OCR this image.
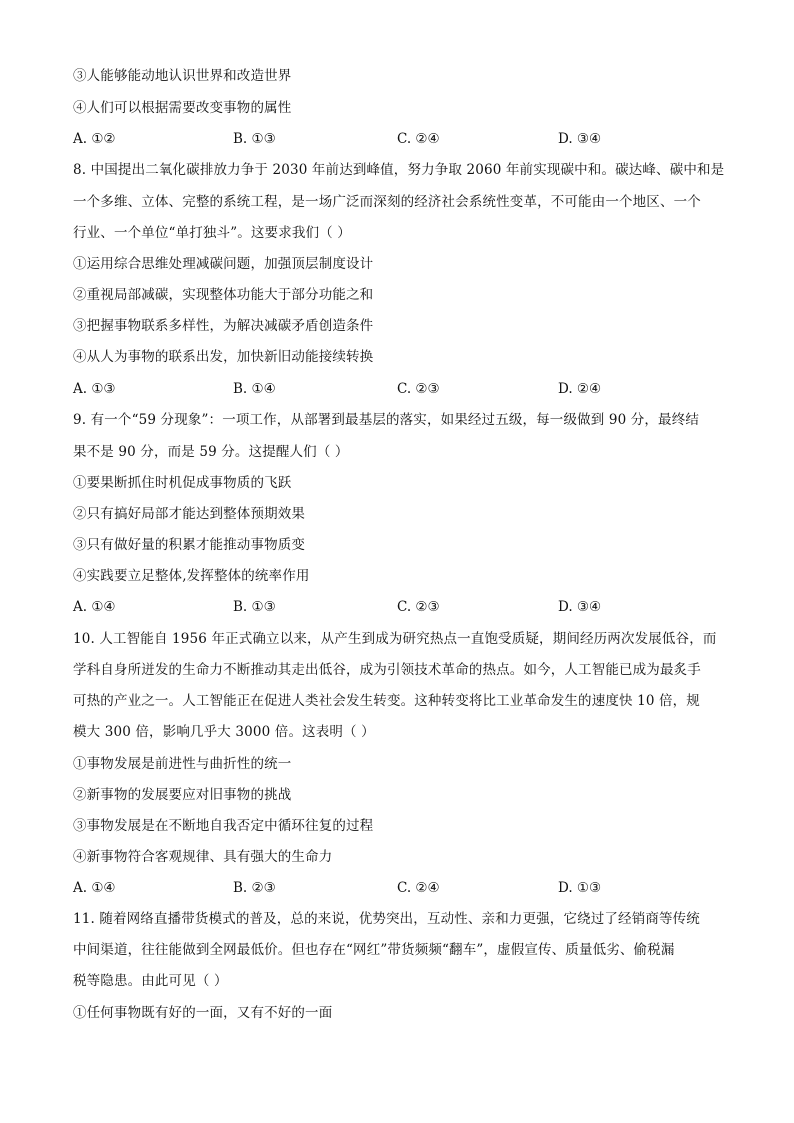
③人能够能动地认识世界和改造世界
④人们可以根据需要改变事物的属性
A. ①②	B. ①③	C. ②④	D. ③④
8. 中国提出二氧化碳排放力争于 2030 年前达到峰值，努力争取 2060 年前实现碳中和。碳达峰、碳中和是
一个多维、立体、完整的系统工程，是一场广泛而深刻的经济社会系统性变革，不可能由一个地区、一个
行业、一个单位“单打独斗”。这要求我们（ ）
①运用综合思维处理减碳问题，加强顶层制度设计
②重视局部减碳，实现整体功能大于部分功能之和
③把握事物联系多样性，为解决减碳矛盾创造条件
④从人为事物的联系出发，加快新旧动能接续转换
A. ①③	B. ①④	C. ②③	D. ②④
9. 有一个“59 分现象”：一项工作，从部署到最基层的落实，如果经过五级，每一级做到 90 分，最终结
果不是 90 分，而是 59 分。这提醒人们（ ）
①要果断抓住时机促成事物质的飞跃
②只有搞好局部才能达到整体预期效果
③只有做好量的积累才能推动事物质变
④实践要立足整体,发挥整体的统率作用
A. ①④	B. ①③	C. ②③	D. ③④
10. 人工智能自 1956 年正式确立以来，从产生到成为研究热点一直饱受质疑，期间经历两次发展低谷，而
学科自身所迸发的生命力不断推动其走出低谷，成为引领技术革命的热点。如今，人工智能已成为最炙手
可热的产业之一。人工智能正在促进人类社会发生转变。这种转变将比工业革命发生的速度快 10 倍，规
模大 300 倍，影响几乎大 3000 倍。这表明（ ）
①事物发展是前进性与曲折性的统一
②新事物的发展要应对旧事物的挑战
③事物发展是在不断地自我否定中循环往复的过程
④新事物符合客观规律、具有强大的生命力
A. ①④	B. ②③	C. ②④	D. ①③
11. 随着网络直播带货模式的普及，总的来说，优势突出，互动性、亲和力更强，它绕过了经销商等传统
中间渠道，往往能做到全网最低价。但也存在“网红”带货频频“翻车”，虚假宣传、质量低劣、偷税漏
税等隐患。由此可见（ ）
①任何事物既有好的一面，又有不好的一面
